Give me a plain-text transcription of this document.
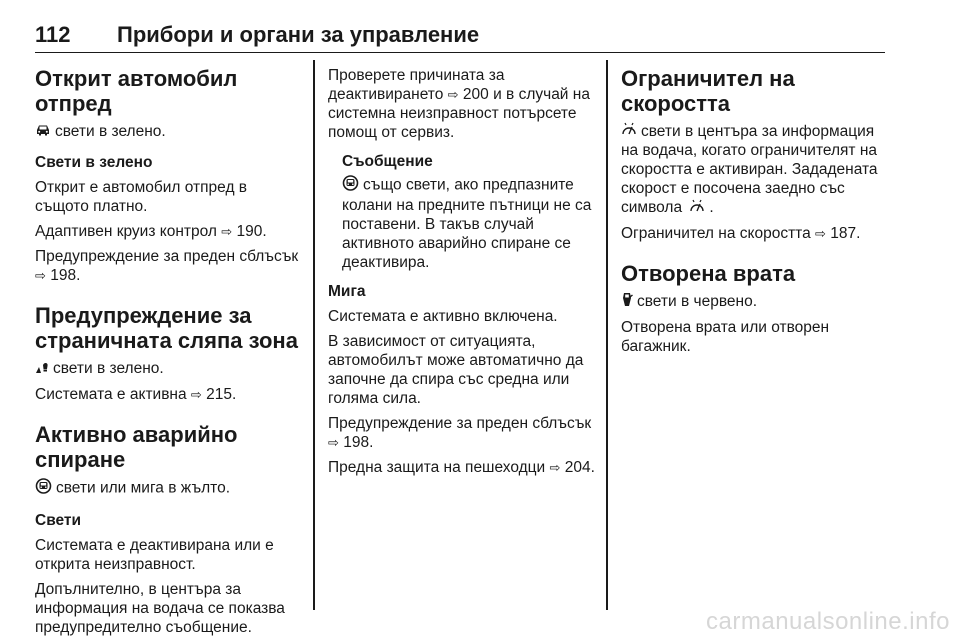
112 Прибори и органи за управление
Открит автомобил отпред
свети в зелено.
Свети в зелено
Открит е автомобил отпред в същото платно.
Адаптивен круиз контрол ⇨ 190.
Предупреждение за преден сблъсък ⇨ 198.
Предупреждение за страничната сляпа зона
свети в зелено.
Системата е активна ⇨ 215.
Активно аварийно спиране
свети или мига в жълто.
Свети
Системата е деактивирана или е открита неизправност.
Допълнително, в центъра за информация на водача се показва предупредително съобщение.
Проверете причината за деактивирането ⇨ 200 и в случай на системна неизправност потърсете помощ от сервиз.
Съобщение
също свети, ако предпазните колани на предните пътници не са поставени. В такъв случай активното аварийно спиране се деактивира.
Мига
Системата е активно включена.
В зависимост от ситуацията, автомобилът може автоматично да започне да спира със средна или голяма сила.
Предупреждение за преден сблъсък ⇨ 198.
Предна защита на пешеходци ⇨ 204.
Ограничител на скоростта
свети в центъра за информация на водача, когато ограничителят на скоростта е активиран. Зададената скорост е посочена заедно със символа .
Ограничител на скоростта ⇨ 187.
Отворена врата
свети в червено.
Отворена врата или отворен багажник.
carmanualsonline.info
